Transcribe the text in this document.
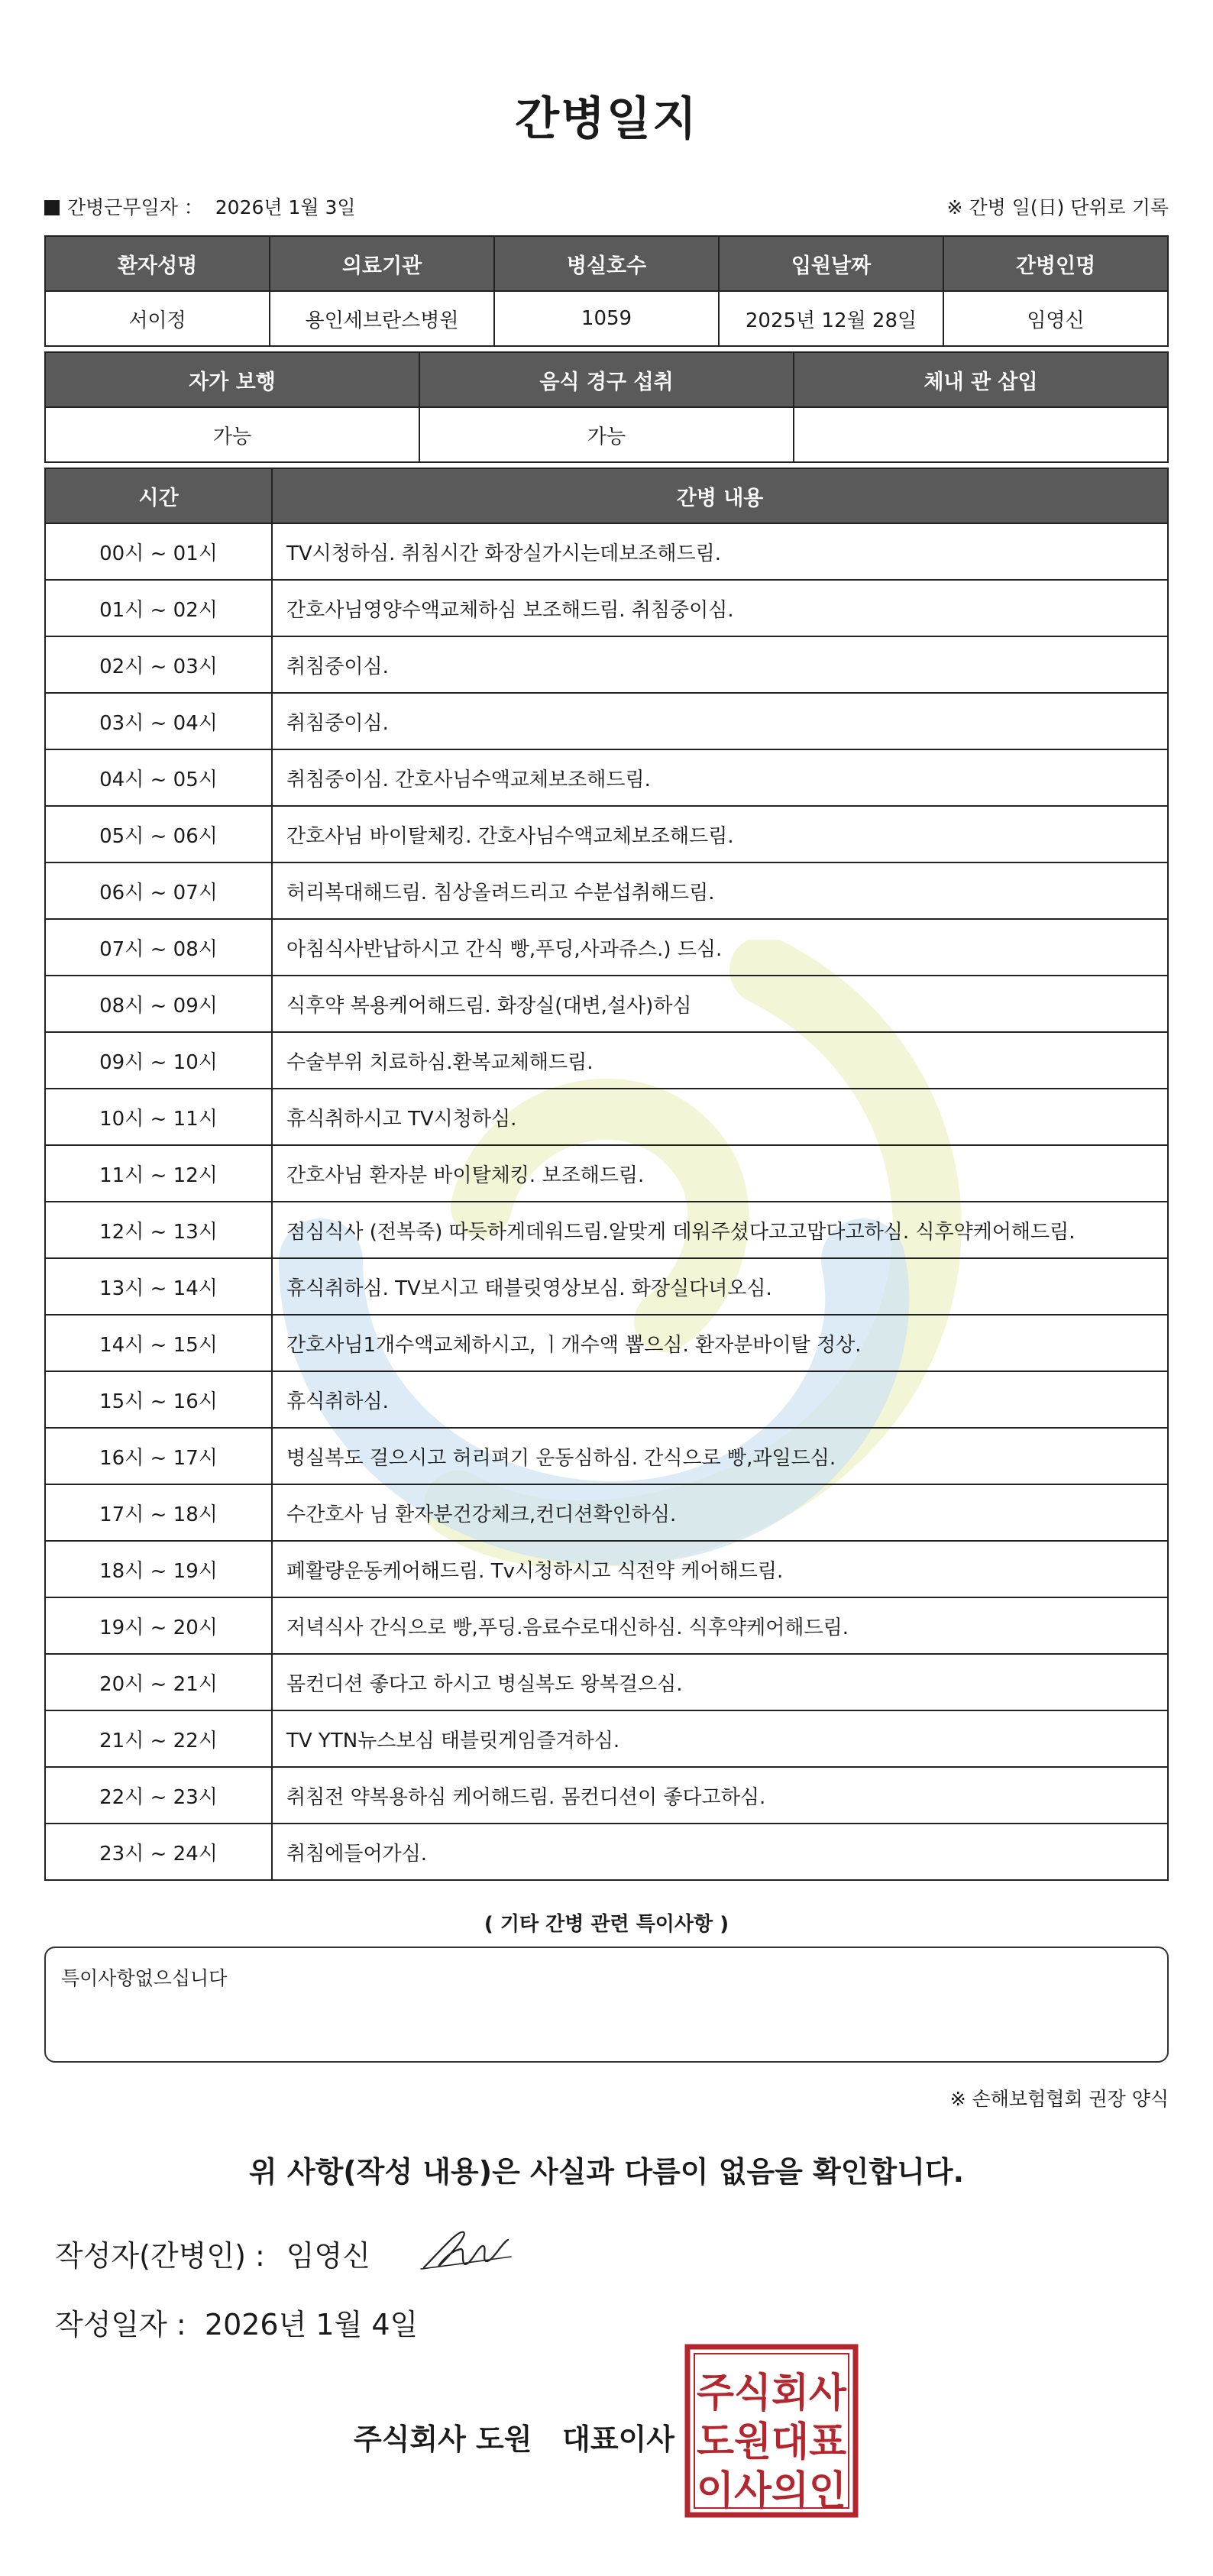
간병일지
간병근무일자 ： 2026년 1월 3일	※ 간병 일(日) 단위로 기록
환자성명	의료기관	병실호수	입원날짜	간병인명
서이정	용인세브란스병원	1059	2025년 12월 28일	임영신
자가 보행	음식 경구 섭취	체내 관 삽입
가능	가능	
시간	간병 내용
00시 ~ 01시	TV시청하심. 취침시간 화장실가시는데보조해드림.
01시 ~ 02시	간호사님영양수액교체하심 보조해드림. 취침중이심.
02시 ~ 03시	취침중이심.
03시 ~ 04시	취침중이심.
04시 ~ 05시	취침중이심. 간호사님수액교체보조해드림.
05시 ~ 06시	간호사님 바이탈체킹. 간호사님수액교체보조해드림.
06시 ~ 07시	허리복대해드림. 침상올려드리고 수분섭취해드림.
07시 ~ 08시	아침식사반납하시고 간식 빵,푸딩,사과쥬스.) 드심.
08시 ~ 09시	식후약 복용케어해드림. 화장실(대변,설사)하심
09시 ~ 10시	수술부위 치료하심.환복교체해드림.
10시 ~ 11시	휴식취하시고 TV시청하심.
11시 ~ 12시	간호사님 환자분 바이탈체킹. 보조해드림.
12시 ~ 13시	점심식사 (전복죽) 따듯하게데워드림.알맞게 데워주셨다고고맙다고하심. 식후약케어해드림.
13시 ~ 14시	휴식취하심. TV보시고 태블릿영상보심. 화장실다녀오심.
14시 ~ 15시	간호사님1개수액교체하시고, ㅣ개수액 뽑으심. 환자분바이탈 정상.
15시 ~ 16시	휴식취하심.
16시 ~ 17시	병실복도 걸으시고 허리펴기 운동심하심. 간식으로 빵,과일드심.
17시 ~ 18시	수간호사 님 환자분건강체크,컨디션확인하심.
18시 ~ 19시	폐활량운동케어해드림. Tv시청하시고 식전약 케어해드림.
19시 ~ 20시	저녁식사 간식으로 빵,푸딩.음료수로대신하심. 식후약케어해드림.
20시 ~ 21시	몸컨디션 좋다고 하시고 병실복도 왕복걸으심.
21시 ~ 22시	TV YTN뉴스보심 태블릿게임즐겨하심.
22시 ~ 23시	취침전 약복용하심 케어해드림. 몸컨디션이 좋다고하심.
23시 ~ 24시	취침에들어가심.
( 기타 간병 관련 특이사항 )
특이사항없으십니다
※ 손해보험협회 권장 양식
위 사항(작성 내용)은 사실과 다름이 없음을 확인합니다.
작성자(간병인) : 임영신
작성일자 : 2026년 1월 4일
주식회사 도원   대표이사
주식회사
도원대표
이사의인
